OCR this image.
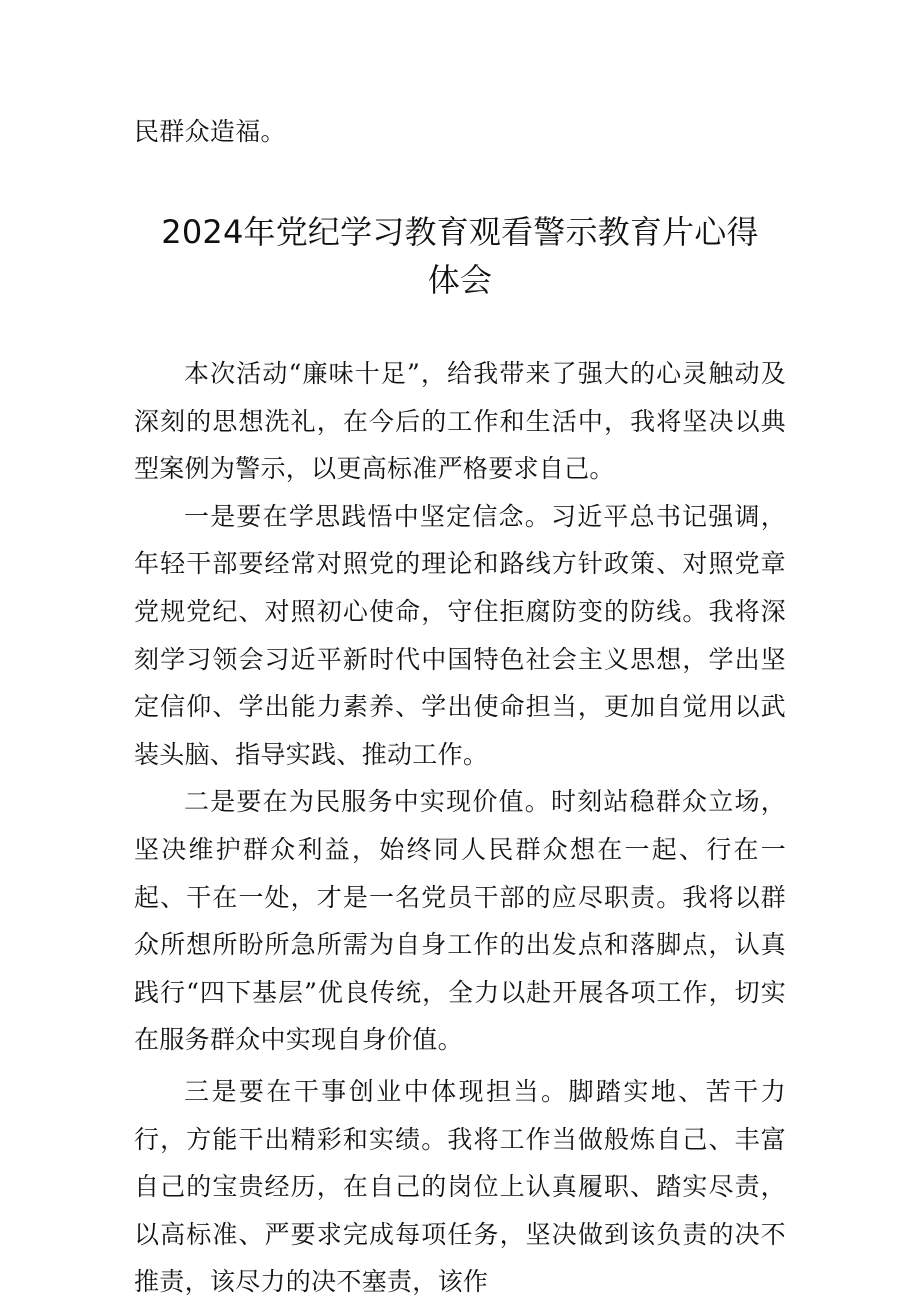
民群众造福。

2024年党纪学习教育观看警示教育片心得
体会

本次活动“廉味十足”，给我带来了强大的心灵触动及深刻的思想洗礼，在今后的工作和生活中，我将坚决以典型案例为警示，以更高标准严格要求自己。

一是要在学思践悟中坚定信念。习近平总书记强调，年轻干部要经常对照党的理论和路线方针政策、对照党章党规党纪、对照初心使命，守住拒腐防变的防线。我将深刻学习领会习近平新时代中国特色社会主义思想，学出坚定信仰、学出能力素养、学出使命担当，更加自觉用以武装头脑、指导实践、推动工作。

二是要在为民服务中实现价值。时刻站稳群众立场，坚决维护群众利益，始终同人民群众想在一起、行在一起、干在一处，才是一名党员干部的应尽职责。我将以群众所想所盼所急所需为自身工作的出发点和落脚点，认真践行“四下基层”优良传统，全力以赴开展各项工作，切实在服务群众中实现自身价值。

三是要在干事创业中体现担当。脚踏实地、苦干力行，方能干出精彩和实绩。我将工作当做般炼自己、丰富自己的宝贵经历，在自己的岗位上认真履职、踏实尽责，以高标准、严要求完成每项任务，坚决做到该负责的决不推责，该尽力的决不塞责，该作
